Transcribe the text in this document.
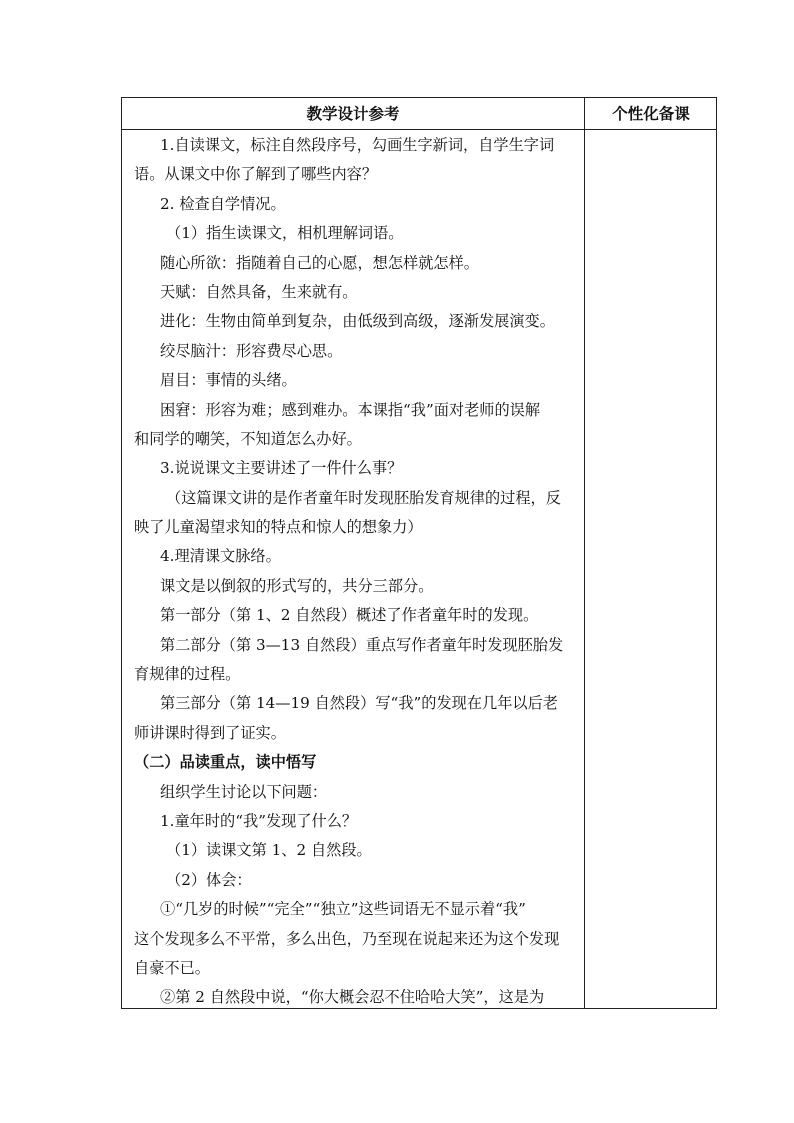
教学设计参考	个性化备课
1.自读课文，标注自然段序号，勾画生字新词，自学生字词
语。从课文中你了解到了哪些内容？
2. 检查自学情况。
（1）指生读课文，相机理解词语。
随心所欲：指随着自己的心愿，想怎样就怎样。
天赋：自然具备，生来就有。
进化：生物由简单到复杂，由低级到高级，逐渐发展演变。
绞尽脑汁：形容费尽心思。
眉目：事情的头绪。
困窘：形容为难；感到难办。本课指“我”面对老师的误解
和同学的嘲笑，不知道怎么办好。
3.说说课文主要讲述了一件什么事？
（这篇课文讲的是作者童年时发现胚胎发育规律的过程，反
映了儿童渴望求知的特点和惊人的想象力）
4.理清课文脉络。
课文是以倒叙的形式写的，共分三部分。
第一部分（第 1、2 自然段）概述了作者童年时的发现。
第二部分（第 3—13 自然段）重点写作者童年时发现胚胎发
育规律的过程。
第三部分（第 14—19 自然段）写“我”的发现在几年以后老
师讲课时得到了证实。
（二）品读重点，读中悟写
组织学生讨论以下问题：
1.童年时的“我”发现了什么？
（1）读课文第 1、2 自然段。
（2）体会：
①“几岁的时候”“完全”“独立”这些词语无不显示着“我”
这个发现多么不平常，多么出色，乃至现在说起来还为这个发现
自豪不已。
②第 2 自然段中说，“你大概会忍不住哈哈大笑”，这是为
